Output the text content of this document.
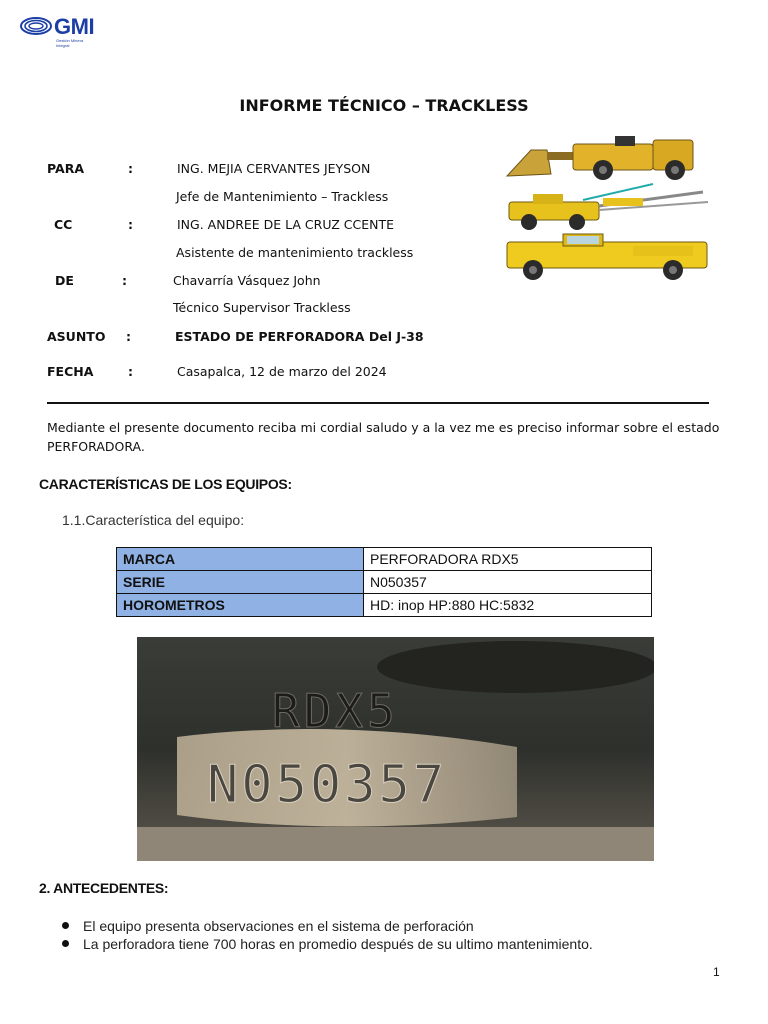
GMI
Gestión Minera
Integral
INFORME TÉCNICO – TRACKLESS
PARA	:	ING. MEJIA CERVANTES JEYSON
Jefe de Mantenimiento – Trackless
CC	:	ING. ANDREE DE LA CRUZ CCENTE
Asistente de mantenimiento trackless
DE	:	Chavarría Vásquez John
Técnico Supervisor Trackless
ASUNTO :	ESTADO DE PERFORADORA Del J-38
FECHA	:	Casapalca, 12 de marzo del 2024
Mediante el presente documento reciba mi cordial saludo y a la vez me es preciso informar sobre el estado PERFORADORA.
CARACTERÍSTICAS DE LOS EQUIPOS:
1.1.Característica del equipo:
MARCA	PERFORADORA RDX5
SERIE	N050357
HOROMETROS	HD: inop HP:880 HC:5832
RDX5
N050357
2. ANTECEDENTES:
El equipo presenta observaciones en el sistema de perforación
La perforadora tiene 700 horas en promedio después de su ultimo mantenimiento.
1
